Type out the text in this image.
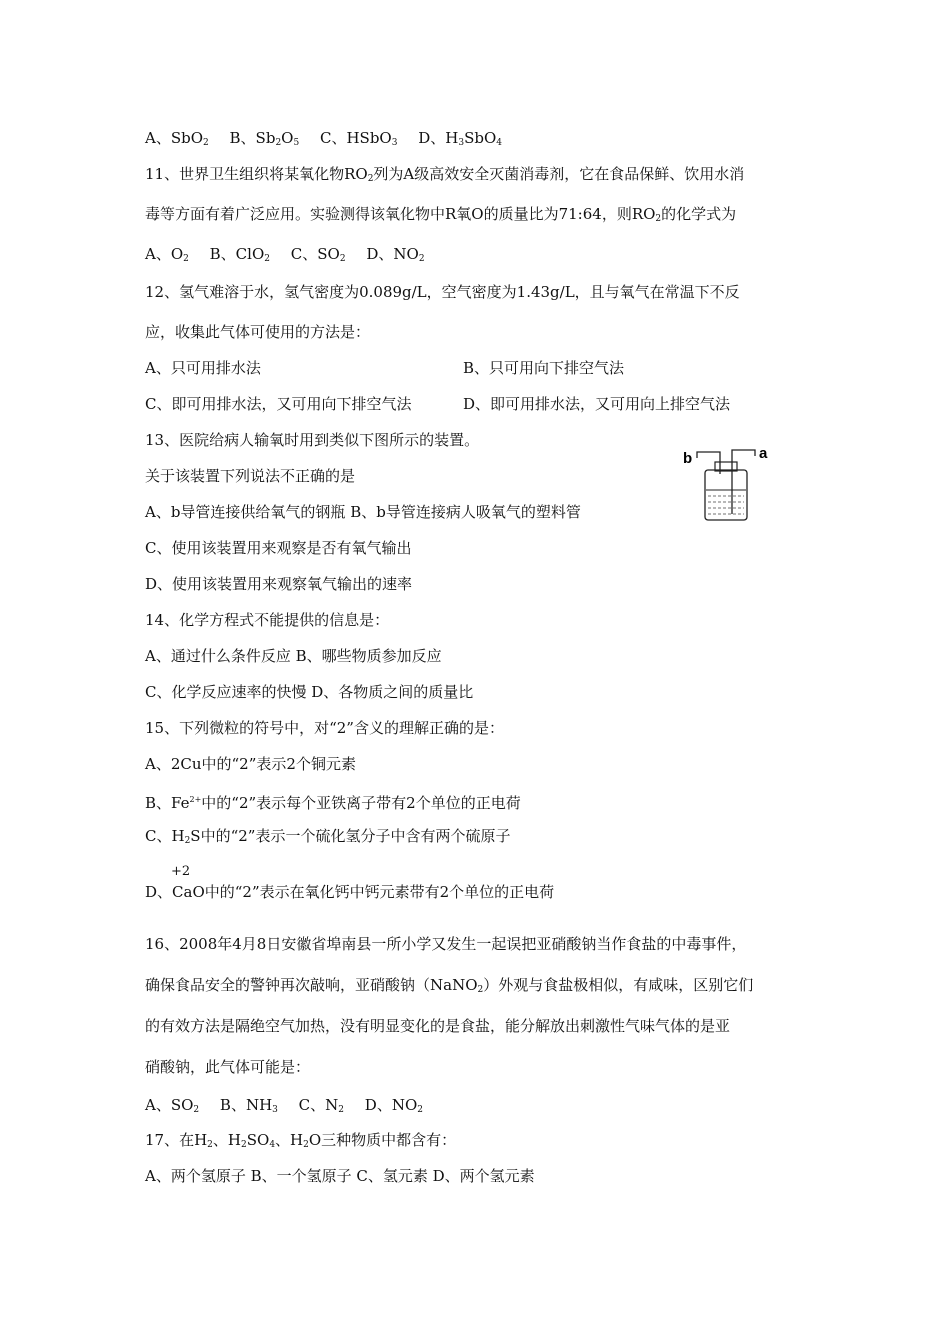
A、SbO$_2$ B、$Sb_2O_5$ C、HSbO$_3$ D、$H_3SbO_4$
11、世界卫生组织将某氧化物$RO_2$列为A级高效安全灭菌消毒剂，它在食品保鲜、饮用水消
毒等方面有着广泛应用。实验测得该氧化物中R氧O的质量比为71:64，则$RO_2$的化学式为
A、$O_2$ B、ClO$_2$ C、$SO_2$ D、$NO_2$
12、氢气难溶于水，氢气密度为0.089g/L，空气密度为1.43g/L，且与氧气在常温下不反
应，收集此气体可使用的方法是：
A、只可用排水法	B、只可用向下排空气法
C、即可用排水法，又可用向下排空气法	D、即可用排水法，又可用向上排空气法
13、医院给病人输氧时用到类似下图所示的装置。
关于该装置下列说法不正确的是
A、b导管连接供给氧气的钢瓶 B、b导管连接病人吸氧气的塑料管
C、使用该装置用来观察是否有氧气输出
D、使用该装置用来观察氧气输出的速率
b	a
14、化学方程式不能提供的信息是：
A、通过什么条件反应 B、哪些物质参加反应
C、化学反应速率的快慢 D、各物质之间的质量比
15、下列微粒的符号中，对“2”含义的理解正确的是：
A、2Cu中的“2”表示2个铜元素
B、$Fe^{2+}$中的“2”表示每个亚铁离子带有2个单位的正电荷
C、$H_2S$中的“2”表示一个硫化氢分子中含有两个硫原子
+2
D、CaO中的“2”表示在氧化钙中钙元素带有2个单位的正电荷
16、2008年4月8日安徽省埠南县一所小学又发生一起误把亚硝酸钠当作食盐的中毒事件，
确保食品安全的警钟再次敲响，亚硝酸钠（NaNO$_2$）外观与食盐极相似，有咸味，区别它们
的有效方法是隔绝空气加热，没有明显变化的是食盐，能分解放出刺激性气味气体的是亚
硝酸钠，此气体可能是：
A、$SO_2$ B、$NH_3$ C、$N_2$ D、$NO_2$
17、在$H_2$、$H_2SO_4$、$H_2O$三种物质中都含有：
A、两个氢原子 B、一个氢原子 C、氢元素 D、两个氢元素
